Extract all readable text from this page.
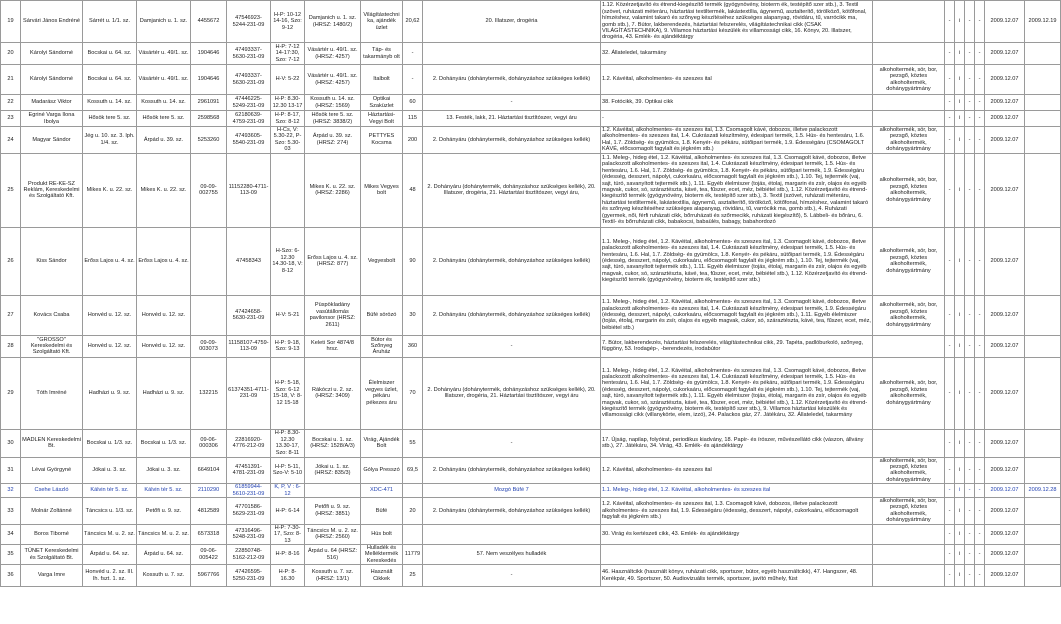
19	Sárvári János Endréné	Sárrét u. 1/1. sz.	Damjanich u. 1. sz.	4455672	47546923-5244-231-09	H-P: 10-12 14-16, Szo: 9-12	Damjanich u. 1. sz. (HRSZ: 1480/2)	Világítástechnika, ajándék üzlet	20,62	20. Illatszer, drogéria	1.12. Közérzetjavító és étrend-kiegészítő termék (gyógynövény, bioterm ék, testépítő szer stb.), 3. Textil (szövet, ruházati méteráru, háztartási textiltermék, lakástextília, ágynemű, asztalterítő, törölköző, kötőfonal, hímzéshez, valamint takaró és szőnyeg készítéséhez szükséges alapanyag, rövidáru, tű, varrócikk ma, gomb stb.), 7. Bútor, lakberendezés, háztartási felszerelés, világítástechnikai cikk (CSAK VILÁGÍTÁSTECHNIKA), 9. Villamos háztartási készülék és villamossági cikk, 16. Könyv, 20. Illatszer, drogéria, 43. Emlék- és ajándéktárgy		-	i	-	-	2009.12.07	2009.12.19
20	Károlyi Sándorné	Bocskai u. 64. sz.	Vásártér u. 49/1. sz.	1904646	47493337-5630-231-09	H-P: 7-12 14-17:30, Szo: 7-12	Vásártér u. 49/1. sz. (HRSZ: 4257)	Táp- és takarmányb olt	-		32. Állateledel, takarmány		-	i	-	-	2009.12.07	
21	Károlyi Sándorné	Bocskai u. 64. sz.	Vásártér u. 49/1. sz.	1904646	47493337-5630-231-09	H-V: 5-22	Vásártér u. 49/1. sz. (HRSZ: 4257)	Italbolt	-	2. Dohányáru (dohánytermék, dohányzáshoz szükséges kellék)	1.2. Kávéital, alkoholmentes- és szeszes ital	alkoholtermék, sör, bor, pezsgő, köztes alkoholtermék, dohánygyártmány	-	i	-	-	2009.12.07	
22	Madarász Viktor	Kossuth u. 14. sz.	Kossuth u. 14. sz.	2961091	47446225-5249-231-09	H-P: 8.30-12.30 13-17	Kossuth u. 14. sz. (HRSZ: 1569)	Optikai Szaküzlet	60	-	38. Fotócikk, 39. Optikai cikk		-	i	-	-	2009.12.07	
23	Egriné Varga Ilona Ibolya	Hősök tere 5. sz.	Hősök tere 5. sz.	2598568	62180639-4759-231-09	H-P: 8-17, Szo: 8-12	Hősök tere 5. sz.(HRSZ: 3838/2)	Háztartási-Vegyi Bolt	115	13. Festék, lakk, 21. Háztartási tisztítószer, vegyi áru	-		-	i	-	-	2009.12.07	
24	Magyar Sándor	Jég u. 10. sz. 3. lph. 1/4. sz.	Árpád u. 39. sz.	5253260	47493605-5540-231-09	H-Cs, V: 5.30-22, P-Szo: 5.30-03	Árpád u. 39. sz. (HRSZ: 274)	PETTYES Kocsma	200	2. Dohányáru (dohánytermék, dohányzáshoz szükséges kellék)	1.2. Kávéital, alkoholmentes- és szeszes ital, 1.3. Csomagolt kávé, dobozos, illetve palackozott alkoholmentes- és szeszes ital, 1.4. Cukrászati készítmény, édesipari termék, 1.5. Hús- és hentesáru, 1.6. Hal, 1.7. Zöldség- és gyümölcs, 1.8. Kenyér- és pékáru, sütőipari termék, 1.9. Édességáru (CSOMAGOLT KÁVÉ, előcsomagolt fagylalt és jégkrém stb.)	alkoholtermék, sör, bor, pezsgő, köztes alkoholtermék, dohánygyártmány	-	i	-	-	2009.12.07	
25	Produkt RE-KE-SZ Reklám, Kereskedelmi és Szolgáltató Kft.	Mikes K. u. 22. sz.	Mikes K. u. 22. sz.	09-09-002755	11152280-4711-113-09		Mikes K. u. 22. sz. (HRSZ: 2286)	Mikes Vegyes bolt	48	2. Dohányáru (dohánytermék, dohányzáshoz szükséges kellék), 20. Illatszer, drogéria, 21. Háztartási tisztítószer, vegyi áru,	1.1. Meleg-, hideg étel, 1.2. Kávéital, alkoholmentes- és szeszes ital, 1.3. Csomagolt kávé, dobozos, illetve palackozott alkoholmentes- és szeszes ital, 1.4. Cukrászati készítmény, édesipari termék, 1.5. Hús- és hentesáru, 1.6. Hal, 1.7. Zöldség- és gyümölcs, 1.8. Kenyér- és pékáru, sütőipari termék, 1.9. Édességáru (édesség, desszert, nápolyi, cukorkaáru, előcsomagolt fagylalt és jégkrém stb.), 1.10. Tej, tejtermék (vaj, sajt, túró, savanyított tejtermék stb.), 1.11. Egyéb élelmiszer (tojás, étolaj, margarin és zsír, olajos és egyéb magvak, cukor, só, száraztészta, kávé, tea, fűszer, ecet, méz, bébiétel stb.), 1.12. Közérzetjavító és étrend-kiegészítő termék (gyógynövény, bioterm ék, testépítő szer stb.), 3. Textil (szövet, ruházati méteráru, háztartási textiltermék, lakástextília, ágynemű, asztalterítő, törölköző, kötőfonal, hímzéshez, valamint takaró és szőnyeg készítéséhez szükséges alapanyag, rövidáru, tű, varrócikk ma, gomb stb.), 4. Ruházati (gyermek, női, férfi ruházati cikk, bőrruházati és szőrmecikk, ruházati kiegészítő), 5. Lábbeli- és bőráru, 6. Textil- és bőrruházati cikk, babakocsi, babaülés, babagy, babahordozó	alkoholtermék, sör, bor, pezsgő, köztes alkoholtermék, dohánygyártmány	-	i	-	-	2009.12.07	
26	Kiss Sándor	Erőss Lajos u. 4. sz.	Erőss Lajos u. 4. sz.		47458343	H-Szo: 6-12.30 14.30-18, V: 8-12	Erőss Lajos u. 4. sz. (HRSZ: 877)	Vegyesbolt	90	2. Dohányáru (dohánytermék, dohányzáshoz szükséges kellék)	1.1. Meleg-, hideg étel, 1.2. Kávéital, alkoholmentes- és szeszes ital, 1.3. Csomagolt kávé, dobozos, illetve palackozott alkoholmentes- és szeszes ital, 1.4. Cukrászati készítmény, édesipari termék, 1.5. Hús- és hentesáru, 1.6. Hal, 1.7. Zöldség- és gyümölcs, 1.8. Kenyér- és pékáru, sütőipari termék, 1.9. Édességáru (édesség, desszert, nápolyi, cukorkaáru, előcsomagolt fagylalt és jégkrém stb.), 1.10. Tej, tejtermék (vaj, sajt, túró, savanyított tejtermék stb.), 1.11. Egyéb élelmiszer (tojás, étolaj, margarin és zsír, olajos és egyéb magvak, cukor, só, száraztészta, kávé, tea, fűszer, ecet, méz, bébiétel stb.), 1.12. Közérzetjavító és étrend-kiegészítő termék (gyógynövény, bioterm ék, testépítő szer stb.)	alkoholtermék, sör, bor, pezsgő, köztes alkoholtermék, dohánygyártmány	-	i	-	-	2009.12.07	
27	Kovács Csaba	Honvéd u. 12. sz.	Honvéd u. 12. sz.		47424658-5630-231-09	H-V: 5-21	Püspökladány vasútállomás pavilonsor (HRSZ: 2611)	Büfé sörözó	30	2. Dohányáru (dohánytermék, dohányzáshoz szükséges kellék)	1.1. Meleg-, hideg étel, 1.2. Kávéital, alkoholmentes- és szeszes ital, 1.3. Csomagolt kávé, dobozos, illetve palackozott alkoholmentes- és szeszes ital, 1.4. Cukrászati készítmény, édesipari termék, 1.9. Édességáru (édesség, desszert, nápolyi, cukorkaáru, előcsomagolt fagylalt és jégkrém stb.), 1.11. Egyéb élelmiszer (tojás, étolaj, margarin és zsír, olajos és egyéb magvak, cukor, só, száraztészta, kávé, tea, fűszer, ecet, méz, bébiétel stb.)	alkoholtermék, sör, bor, pezsgő, köztes alkoholtermék, dohánygyártmány	-	i	-	-	2009.12.07	
28	"GROSSO" Kereskedelmi és Szolgáltató Kft.	Honvéd u. 12. sz.	Honvéd u. 12. sz.	09-09-003073	11158107-4759-113-09	H-P: 9-18, Szo: 9-13	Keleti Sor 4874/8 hrsz.	Bútor és Szőnyeg Áruház	360	-	7. Bútor, lakberendezés, háztartási felszerelés, világítástechnikai cikk, 29. Tapéta, padlóburkoló, szőnyeg, függöny, 53. Irodagép-, -berendezés, irodabútor		-	i	-	-	2009.12.07	
29	Tóth Imréné	Hadházi u. 9. sz.	Hadházi u. 9. sz.	132215	61374351-4711-231-09	H-P: 5-18, Szo: 6-12 15-18, V: 8-12 15-18	Rákóczi u. 2. sz. (HRSZ: 3409)	Élelmiszer vegyes üzlet, pékáru pékezes áru	70	2. Dohányáru (dohánytermék, dohányzáshoz szükséges kellék), 20. Illatszer, drogéria, 21. Háztartási tisztítószer, vegyi áru	1.1. Meleg-, hideg étel, 1.2. Kávéital, alkoholmentes- és szeszes ital, 1.3. Csomagolt kávé, dobozos, illetve palackozott alkoholmentes- és szeszes ital, 1.4. Cukrászati készítmény, édesipari termék, 1.5. Hús- és hentesáru, 1.6. Hal, 1.7. Zöldség- és gyümölcs, 1.8. Kenyér- és pékáru, sütőipari termék, 1.9. Édességáru (édesség, desszert, nápolyi, cukorkaáru, előcsomagolt fagylalt és jégkrém stb.), 1.10. Tej, tejtermék (vaj, sajt, túró, savanyított tejtermék stb.), 1.11. Egyéb élelmiszer (tojás, étolaj, margarin és zsír, olajos és egyéb magvak, cukor, só, száraztészta, kávé, tea, fűszer, ecet, méz, bébiétel stb.), 1.12. Közérzetjavító és étrend-kiegészítő termék (gyógynövény, bioterm ék, testépítő szer stb.), 9. Villamos háztartási készülék és villamossági cikk (villanykörte, elem, izzó), 24. Palackos gáz, 27. Játékáru, 32. Állateledel, takarmány	alkoholtermék, sör, bor, pezsgő, köztes alkoholtermék, dohánygyártmány	-	i	-	-	2009.12.07	
30	MADLEN Kereskedelmi Bt.	Bocskai u. 1/3. sz.	Bocskai u. 1/3. sz.	09-06-000306	22816920-4776-212-09	H-P: 8.30-12.30 13.30-17, Szo: 8-11	Bocskai u. 1. sz. (HRSZ: 1528/A/3)	Virág, Ajándék Bolt	55	-	17. Újság, napilap, folyóirat, periodikus kiadvány, 18. Papír- és írószer, művészellátó cikk (vászon, állvány stb.), 27. Játékáru, 34. Virág, 43. Emlék- és ajándéktárgy		-	i	-	-	2009.12.07	
31	Lévai Györgyné	Jókai u. 3. sz.	Jókai u. 3. sz.	6649104	47451391-4781-231-09	H-P: 5-11, Szo-V: 5-10	Jókai u. 1. sz. (HRSZ: 835/3)	Gólya Presszó	69,5	2. Dohányáru (dohánytermék, dohányzáshoz szükséges kellék)	1.2. Kávéital, alkoholmentes- és szeszes ital	alkoholtermék, sör, bor, pezsgő, köztes alkoholtermék, dohánygyártmány	-	i	-	-	2009.12.07	
32	Csehe László	Kálvin tér 5. sz.	Kálvin tér 5. sz.	2110290	61859944-5610-231-09	K, P, V : 6-12		XDC-471		Mozgó Büfé 7	1.1. Meleg-, hideg étel, 1.2. Kávéital, alkoholmentes- és szeszes ital		-	i	-	-	2009.12.07	2009.12.28
33	Molnár Zoltánné	Táncsics u. 1/3. sz.	Petőfi u. 9. sz.	4812589	47701586-5629-231-09	H-P: 6-14	Petőfi u. 9. sz.(HRSZ: 3851)	Büfé	20	2. Dohányáru (dohánytermék, dohányzáshoz szükséges kellék)	1.2. Kávéital, alkoholmentes- és szeszes ital, 1.3. Csomagolt kávé, dobozos, illetve palackozott alkoholmentes- és szeszes ital, 1.9. Édességáru (édesség, desszert, nápolyi, cukorkaáru, előcsomagolt fagylalt és jégkrém stb.)	alkoholtermék, sör, bor, pezsgő, köztes alkoholtermék, dohánygyártmány	-	i	-	-	2009.12.07	
34	Boros Tiborné	Táncsics M. u. 2. sz.	Táncsics M. u. 2. sz.	6573318	47316496-5248-231-09	H-P: 7-30-17, Szo: 8-13	Táncsics M. u. 2. sz. (HRSZ: 2560)	Hús bolt			30. Virág és kertészeti cikk, 43. Emlék- és ajándéktárgy		-	i	-	-	2009.12.07	
35	TÜNET Kereskedelmi és Szolgáltató Bt.	Árpád u. 64. sz.	Árpád u. 64. sz.	09-06-005422	22850748-5162-212-09	H-P: 8-16	Árpád u. 64 (HRSZ: 516)	Hulladék és Melléktermék Kereskedés	11779	57. Nem veszélyes hulladék			-	i	-	-	2009.12.07	
36	Varga Imre	Honvéd u. 2. sz. III. lh. fszt. 1. sz.	Kossuth u. 7. sz.	5967766	47426595-5250-231-09	H-P: 8-16.30	Kossuth u. 7. sz.(HRSZ: 13/1)	Használt Cikkek	25	-	46. Használtcikk (használt könyv, ruházati cikk, sportszer, bútor, egyéb használtcikk), 47. Hangszer, 48. Kerékpár, 49. Sportszer, 50. Audiovizuális termék, sportszer, javító műhely, füst		-	i	-	-	2009.12.07	
